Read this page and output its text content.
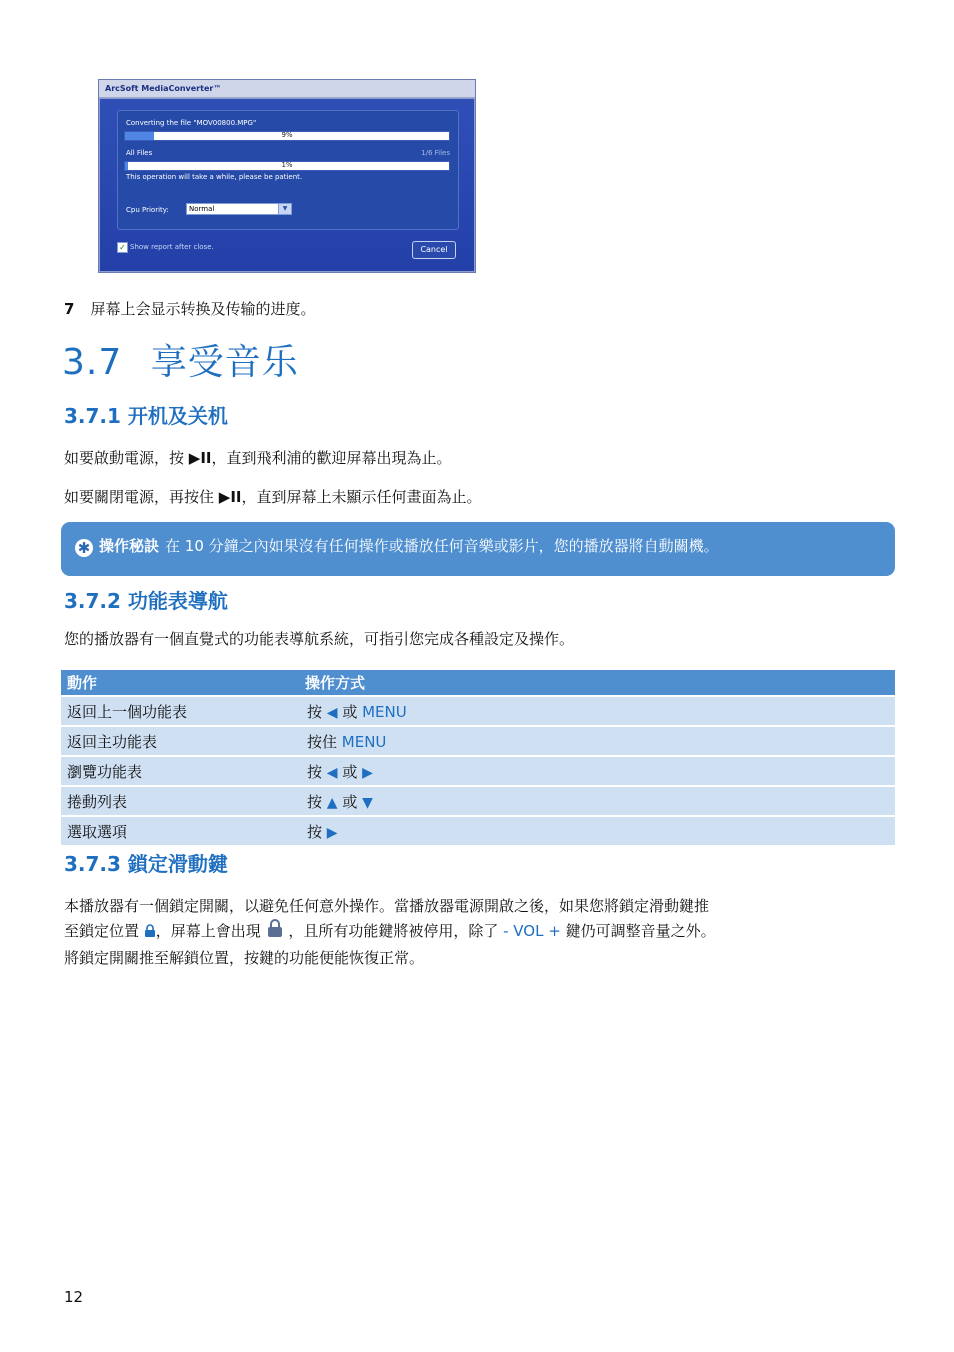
ArcSoft MediaConverter™
Converting the file "MOV00800.MPG"
9%
All Files	1/6 Files
1%
This operation will take a while, please be patient.
Cpu Priority:	Normal	▼
✓ Show report after close.	Cancel
7 屏幕上会显示转换及传输的进度。
3.7 享受音乐
3.7.1 开机及关机
如要啟動電源，按 ▶II，直到飛利浦的歡迎屏幕出現為止。
如要關閉電源，再按住 ▶II，直到屏幕上未顯示任何畫面為止。
✱ 操作秘訣 在 10 分鐘之內如果沒有任何操作或播放任何音樂或影片，您的播放器將自動關機。
3.7.2 功能表導航
您的播放器有一個直覺式的功能表導航系統，可指引您完成各種設定及操作。
動作	操作方式
返回上一個功能表	按 ◀ 或 MENU
返回主功能表	按住 MENU
瀏覽功能表	按 ◀ 或 ▶
捲動列表	按 ▲ 或 ▼
選取選項	按 ▶
3.7.3 鎖定滑動鍵
本播放器有一個鎖定開關，以避免任何意外操作。當播放器電源開啟之後，如果您將鎖定滑動鍵推
至鎖定位置 ，屏幕上會出現  ，且所有功能鍵將被停用，除了 - VOL + 鍵仍可調整音量之外。
將鎖定開關推至解鎖位置，按鍵的功能便能恢復正常。
12
